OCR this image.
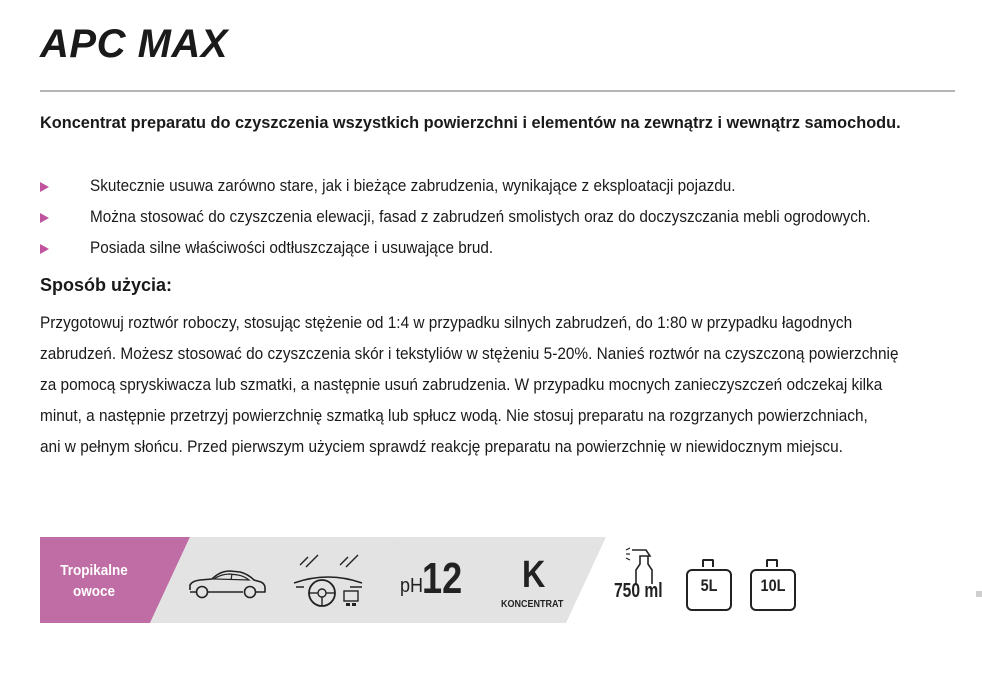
APC MAX
Koncentrat preparatu do czyszczenia wszystkich powierzchni i elementów na zewnątrz i wewnątrz samochodu.
Skutecznie usuwa zarówno stare, jak i bieżące zabrudzenia, wynikające z eksploatacji pojazdu.
Można stosować do czyszczenia elewacji, fasad z zabrudzeń smolistych oraz do doczyszczania mebli ogrodowych.
Posiada silne właściwości odtłuszczające i usuwające brud.
Sposób użycia:
Przygotowuj roztwór roboczy, stosując stężenie od 1:4 w przypadku silnych zabrudzeń, do 1:80 w przypadku łagodnych
zabrudzeń. Możesz stosować do czyszczenia skór i tekstyliów w stężeniu 5-20%. Nanieś roztwór na czyszczoną powierzchnię
za pomocą spryskiwacza lub szmatki, a następnie usuń zabrudzenia. W przypadku mocnych zanieczyszczeń odczekaj kilka
minut, a następnie przetrzyj powierzchnię szmatką lub spłucz wodą. Nie stosuj preparatu na rozgrzanych powierzchniach,
ani w pełnym słońcu. Przed pierwszym użyciem sprawdź reakcję preparatu na powierzchnię w niewidocznym miejscu.
Tropikalne
owoce	pH
12 K
KONCENTRAT
750 ml	5L	10L
